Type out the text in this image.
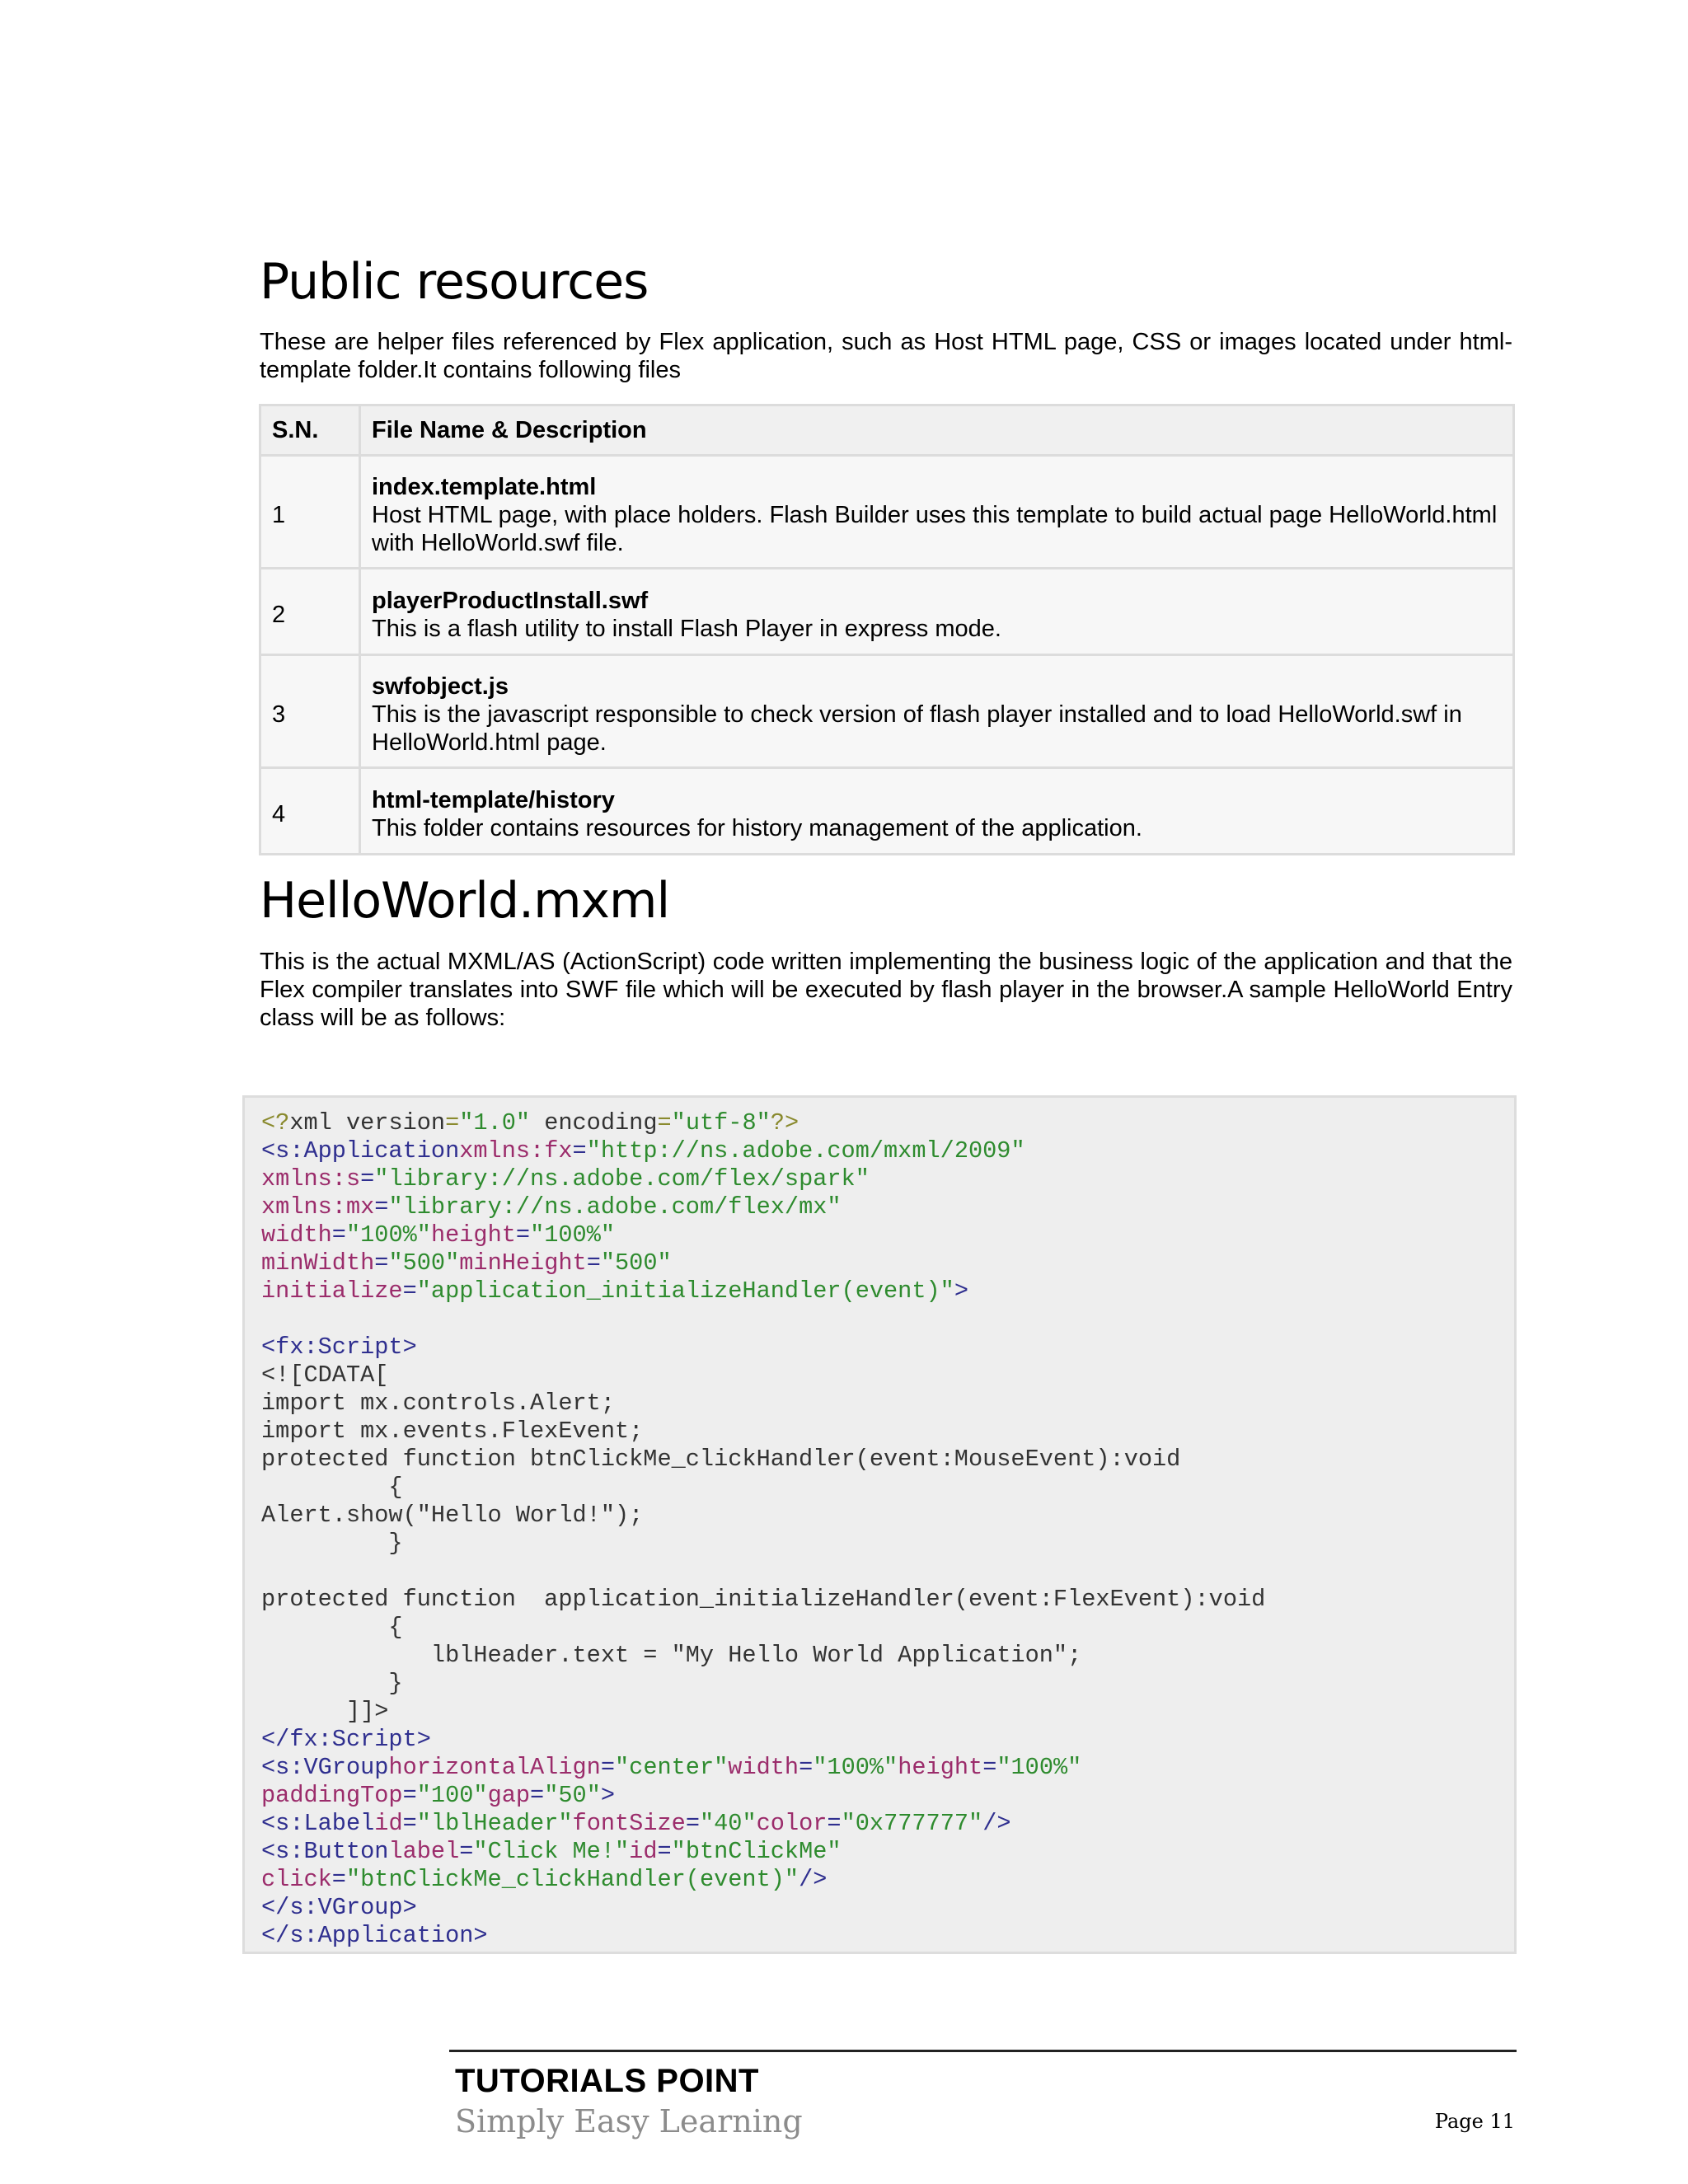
Public resources

These are helper files referenced by Flex application, such as Host HTML page, CSS or images located under html-template folder.It contains following files

S.N.	File Name & Description
1	index.template.html
Host HTML page, with place holders. Flash Builder uses this template to build actual page HelloWorld.html with HelloWorld.swf file.

2	playerProductInstall.swf
This is a flash utility to install Flash Player in express mode.

3	swfobject.js
This is the javascript responsible to check version of flash player installed and to load HelloWorld.swf in HelloWorld.html page.

4	html-template/history
This folder contains resources for history management of the application.
HelloWorld.mxml

This is the actual MXML/AS (ActionScript) code written implementing the business logic of the application and that the Flex compiler translates into SWF file which will be executed by flash player in the browser.A sample HelloWorld Entry class will be as follows:

<?xml version="1.0" encoding="utf-8"?>
<s:Applicationxmlns:fx="http://ns.adobe.com/mxml/2009"
xmlns:s="library://ns.adobe.com/flex/spark"
xmlns:mx="library://ns.adobe.com/flex/mx"
width="100%"height="100%"
minWidth="500"minHeight="500"
initialize="application_initializeHandler(event)">

<fx:Script>
<![CDATA[
import mx.controls.Alert;
import mx.events.FlexEvent;
protected function btnClickMe_clickHandler(event:MouseEvent):void
{
Alert.show("Hello World!");
}

protected function  application_initializeHandler(event:FlexEvent):void
{
lblHeader.text = "My Hello World Application";
}
]]>
</fx:Script>
<s:VGrouphorizontalAlign="center"width="100%"height="100%"
paddingTop="100"gap="50">
<s:Labelid="lblHeader"fontSize="40"color="0x777777"/>
<s:Buttonlabel="Click Me!"id="btnClickMe"
click="btnClickMe_clickHandler(event)"/>
</s:VGroup>
</s:Application>

TUTORIALS POINT
Simply Easy Learning	Page 11
